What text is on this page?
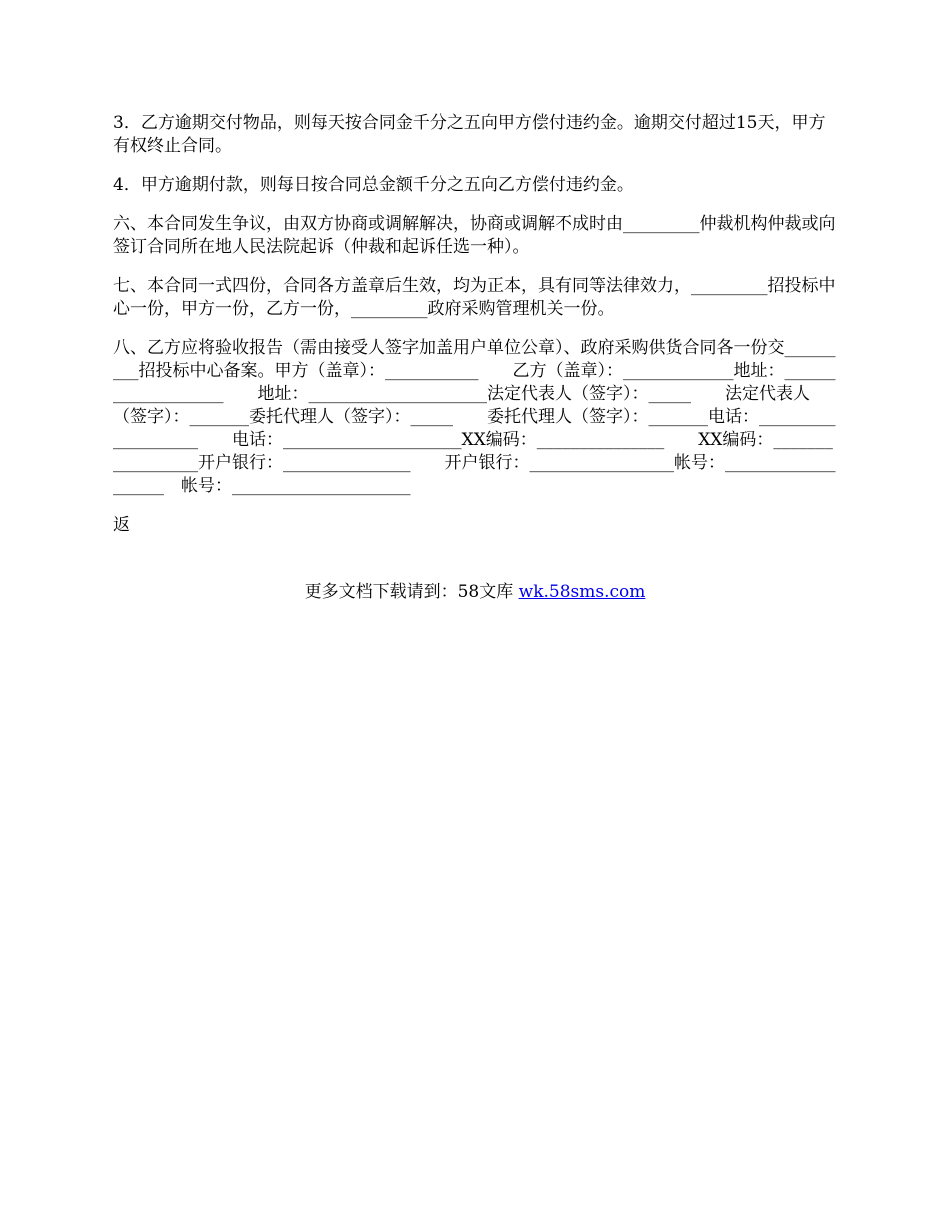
3．乙方逾期交付物品，则每天按合同金千分之五向甲方偿付违约金。逾期交付超过15天，甲方有权终止合同。

4．甲方逾期付款，则每日按合同总金额千分之五向乙方偿付违约金。

六、本合同发生争议，由双方协商或调解解决，协商或调解不成时由_________仲裁机构仲裁或向签订合同所在地人民法院起诉（仲裁和起诉任选一种）。

七、本合同一式四份，合同各方盖章后生效，均为正本，具有同等法律效力，_________招投标中心一份，甲方一份，乙方一份，_________政府采购管理机关一份。

八、乙方应将验收报告（需由接受人签字加盖用户单位公章）、政府采购供货合同各一份交_________招投标中心备案。甲方（盖章）：___________　　乙方（盖章）：_____________地址：___________________　　地址：_____________________法定代表人（签字）：_____　　法定代表人（签字）：_______委托代理人（签字）：_____　　委托代理人（签字）：_______电话：___________________　　电话：_____________________XX编码：_______________　　XX编码：_________________开户银行：_______________　　开户银行：_________________帐号：___________________　帐号：_____________________

返

更多文档下载请到：58文库 wk.58sms.com
